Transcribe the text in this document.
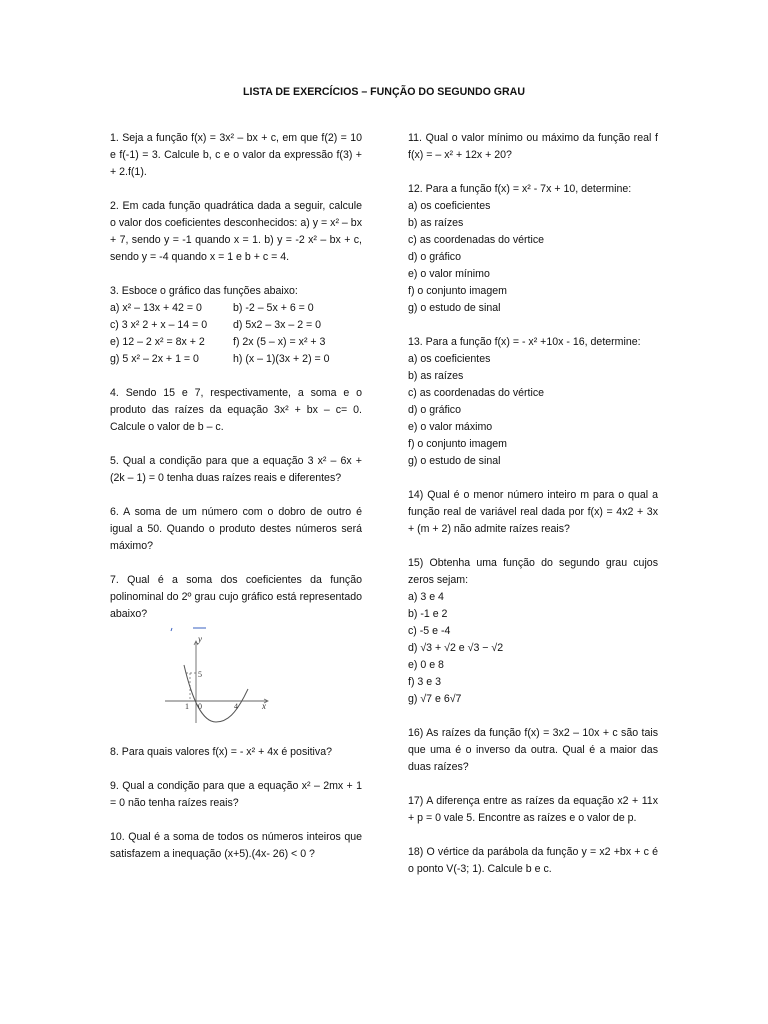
LISTA DE EXERCÍCIOS – FUNÇÃO DO SEGUNDO GRAU

1. Seja a função f(x) = 3x² – bx + c, em que f(2) = 10 e f(-1) = 3. Calcule b, c e o valor da expressão f(3) + + 2.f(1).

2. Em cada função quadrática dada a seguir, calcule o valor dos coeficientes desconhecidos: a) y = x² – bx + 7, sendo y = -1 quando x = 1. b) y = -2 x² – bx + c, sendo y = -4 quando x = 1 e b + c = 4.

3. Esboce o gráfico das funções abaixo:

a) x² – 13x + 42 = 0	b) -2 – 5x + 6 = 0
c) 3 x² 2 + x – 14 = 0	d) 5x2 – 3x – 2 = 0
e) 12 – 2 x² = 8x + 2	f) 2x (5 – x) = x² + 3
g) 5 x² – 2x + 1 = 0	h) (x – 1)(3x + 2) = 0

4. Sendo 15 e 7, respectivamente, a soma e o produto das raízes da equação 3x² + bx – c= 0. Calcule o valor de b – c.

5. Qual a condição para que a equação 3 x² – 6x + (2k – 1) = 0 tenha duas raízes reais e diferentes?

6. A soma de um número com o dobro de outro é igual a 50. Quando o produto destes números será máximo?

7. Qual é a soma dos coeficientes da função polinominal do 2º grau cujo gráfico está representado abaixo?

y
x
5
1 0	4

8. Para quais valores f(x) = - x² + 4x é positiva?

9. Qual a condição para que a equação x² – 2mx + 1 = 0 não tenha raízes reais?

10. Qual é a soma de todos os números inteiros que satisfazem a inequação (x+5).(4x- 26) < 0 ?

11. Qual o valor mínimo ou máximo da função real f f(x) = – x² + 12x + 20?

12. Para a função f(x) = x² - 7x + 10, determine:

a) os coeficientes

b) as raízes

c) as coordenadas do vértice

d) o gráfico

e) o valor mínimo

f) o conjunto imagem

g) o estudo de sinal

13. Para a função f(x) = - x² +10x - 16, determine:

a) os coeficientes

b) as raízes

c) as coordenadas do vértice

d) o gráfico

e) o valor máximo

f) o conjunto imagem

g) o estudo de sinal

14) Qual é o menor número inteiro m para o qual a função real de variável real dada por f(x) = 4x2 + 3x + (m + 2) não admite raízes reais?

15) Obtenha uma função do segundo grau cujos zeros sejam:

a) 3 e 4

b) -1 e 2

c) -5 e -4

d) √3 + √2 e √3 − √2

e) 0 e 8

f) 3 e 3

g) √7 e 6√7

16) As raízes da função f(x) = 3x2 – 10x + c são tais que uma é o inverso da outra. Qual é a maior das duas raízes?

17) A diferença entre as raízes da equação x2 + 11x + p = 0 vale 5. Encontre as raízes e o valor de p.

18) O vértice da parábola da função y = x2 +bx + c é o ponto V(-3; 1). Calcule b e c.
